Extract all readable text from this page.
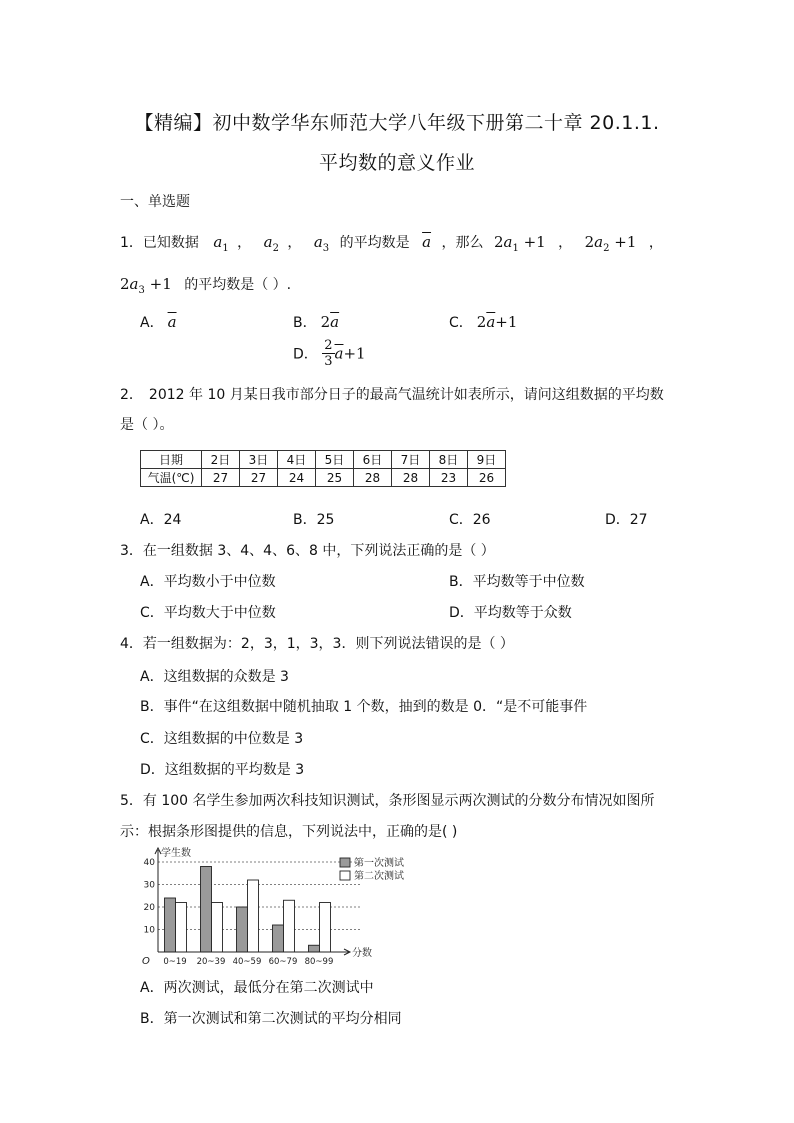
【精编】初中数学华东师范大学八年级下册第二十章 20.1.1.
平均数的意义作业
一、单选题
1．已知数据 $a_1$ ， $a_2$ ， $a_3$ 的平均数是 $\overline{a}$ ，那么 $2a_1 +1$ ， $2a_2 +1$ ，
$2a_3 +1$ 的平均数是（ ）.
A． $\overline{a}$	B． $2\overline{a}$	C． $2\overline{a}+1$
D． $\frac{2}{3} \overline{a}+1$
2． 2012 年 10 月某日我市部分日子的最高气温统计如表所示，请问这组数据的平均数
是（ ）。
日期	2日	3日	4日	5日	6日	7日	8日	9日
气温(℃)	27	27	24	25	28	28	23	26
A．24	B．25	C．26	D．27
3．在一组数据 3、4、4、6、8 中，下列说法正确的是（ ）
A．平均数小于中位数	B．平均数等于中位数
C．平均数大于中位数	D．平均数等于众数
4．若一组数据为：2，3，1，3，3．则下列说法错误的是（ ）
A．这组数据的众数是 3
B．事件“在这组数据中随机抽取 1 个数，抽到的数是 0．“是不可能事件
C．这组数据的中位数是 3
D．这组数据的平均数是 3
5．有 100 名学生参加两次科技知识测试，条形图显示两次测试的分数分布情况如图所
示：根据条形图提供的信息，下列说法中，正确的是( )
10
20
30
40
学生数
分数
O 0~19 20~39 40~59 60~79 80~99
第一次测试
第二次测试
A．两次测试，最低分在第二次测试中
B．第一次测试和第二次测试的平均分相同
